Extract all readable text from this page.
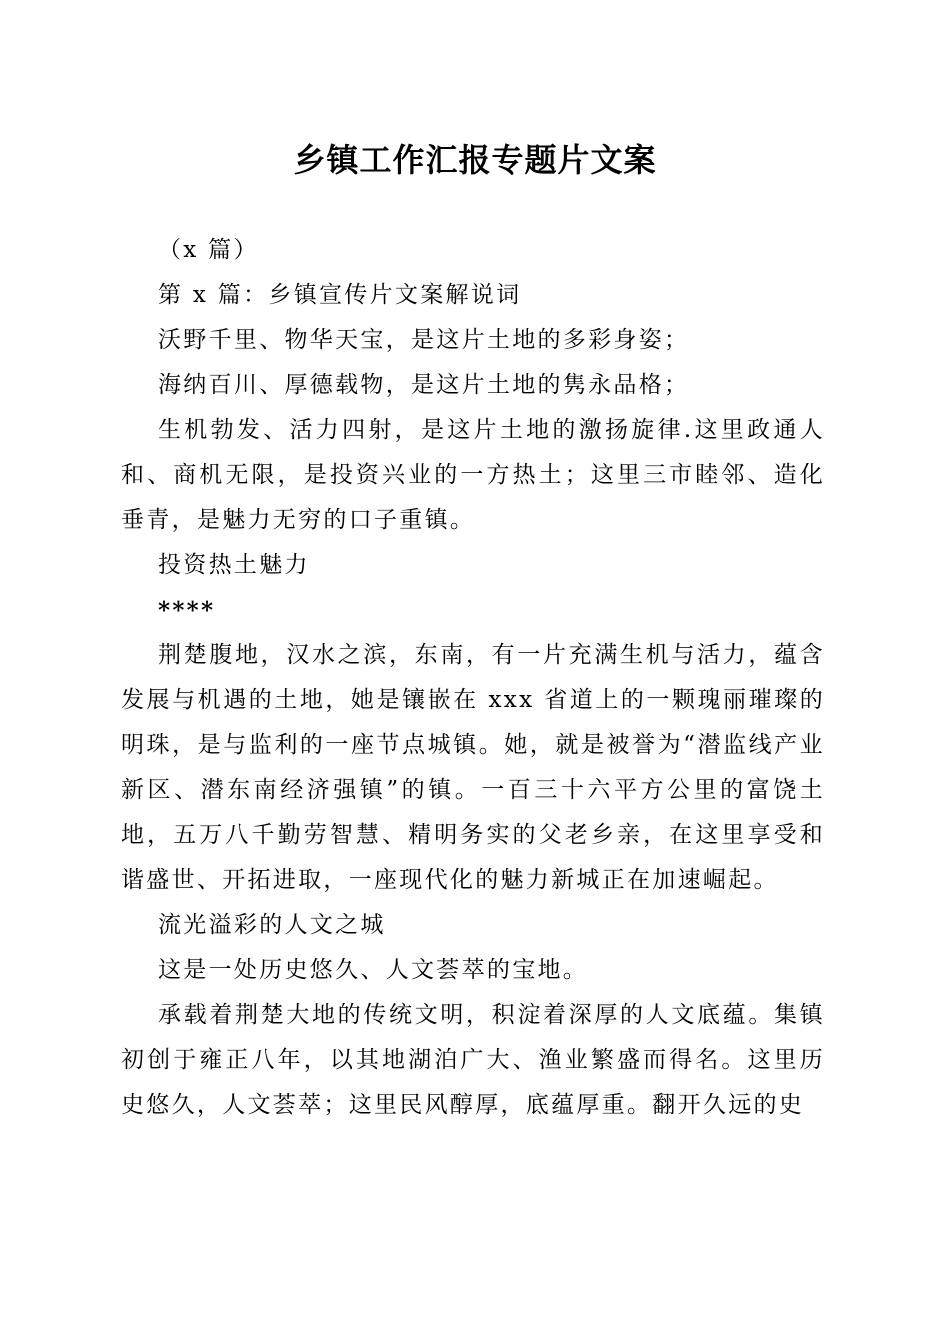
乡镇工作汇报专题片文案

（x 篇）

第 x 篇：乡镇宣传片文案解说词

沃野千里、物华天宝，是这片土地的多彩身姿；

海纳百川、厚德载物，是这片土地的隽永品格；

生机勃发、活力四射，是这片土地的激扬旋律.这里政通人和、商机无限，是投资兴业的一方热土；这里三市睦邻、造化垂青，是魅力无穷的口子重镇。

投资热土魅力

****

荆楚腹地，汉水之滨，东南，有一片充满生机与活力，蕴含发展与机遇的土地，她是镶嵌在 xxx 省道上的一颗瑰丽璀璨的明珠，是与监利的一座节点城镇。她，就是被誉为“潜监线产业新区、潜东南经济强镇”的镇。一百三十六平方公里的富饶土地，五万八千勤劳智慧、精明务实的父老乡亲，在这里享受和谐盛世、开拓进取，一座现代化的魅力新城正在加速崛起。

流光溢彩的人文之城

这是一处历史悠久、人文荟萃的宝地。

承载着荆楚大地的传统文明，积淀着深厚的人文底蕴。集镇初创于雍正八年，以其地湖泊广大、渔业繁盛而得名。这里历史悠久，人文荟萃；这里民风醇厚，底蕴厚重。翻开久远的史
